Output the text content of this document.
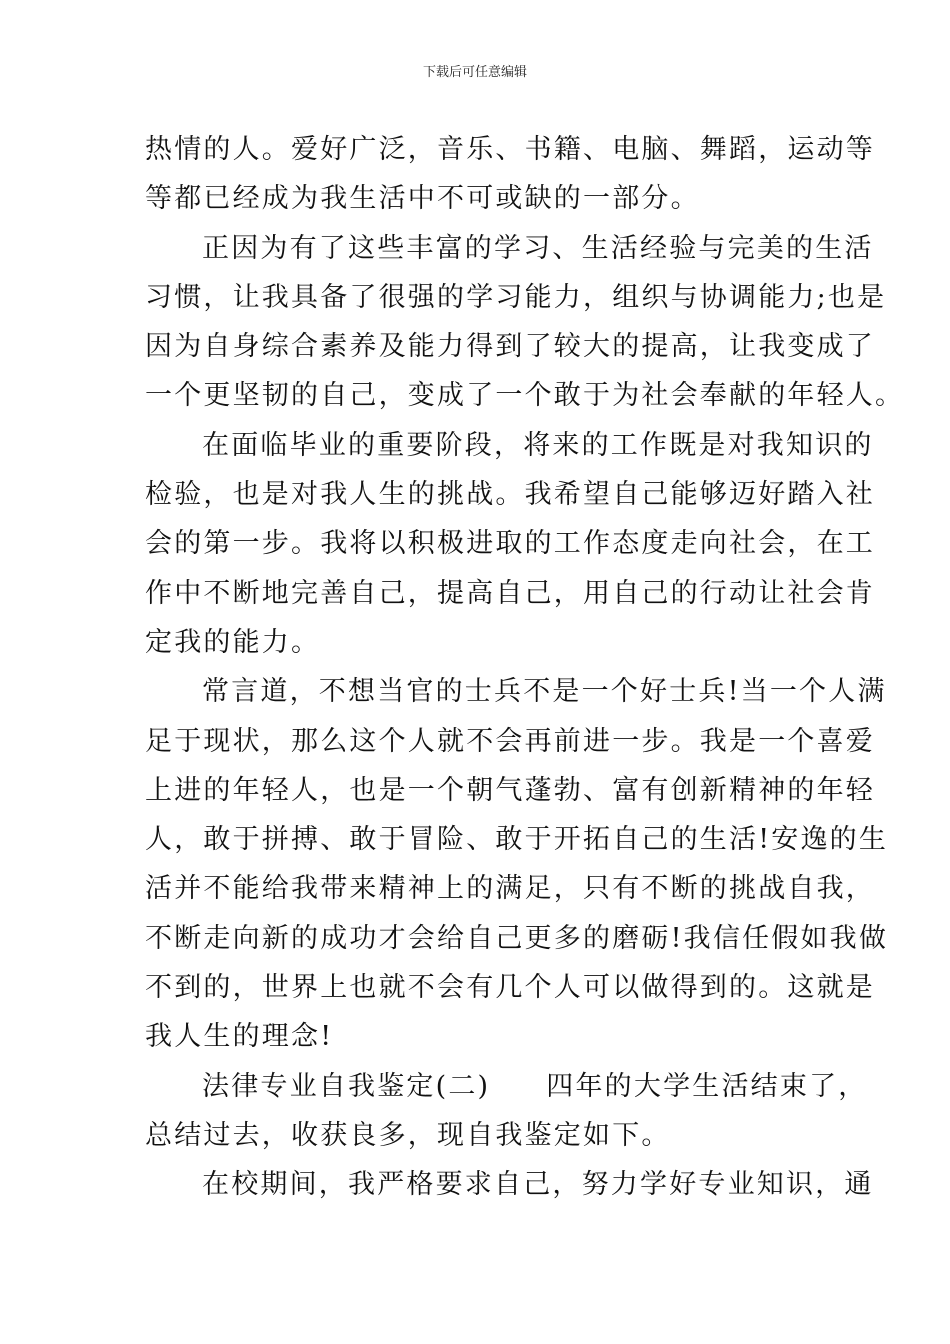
下载后可任意编辑
热情的人。爱好广泛，音乐、书籍、电脑、舞蹈，运动等
等都已经成为我生活中不可或缺的一部分。
正因为有了这些丰富的学习、生活经验与完美的生活
习惯，让我具备了很强的学习能力，组织与协调能力;也是
因为自身综合素养及能力得到了较大的提高，让我变成了
一个更坚韧的自己，变成了一个敢于为社会奉献的年轻人。
在面临毕业的重要阶段，将来的工作既是对我知识的
检验，也是对我人生的挑战。我希望自己能够迈好踏入社
会的第一步。我将以积极进取的工作态度走向社会，在工
作中不断地完善自己，提高自己，用自己的行动让社会肯
定我的能力。
常言道，不想当官的士兵不是一个好士兵!当一个人满
足于现状，那么这个人就不会再前进一步。我是一个喜爱
上进的年轻人，也是一个朝气蓬勃、富有创新精神的年轻
人，敢于拼搏、敢于冒险、敢于开拓自己的生活!安逸的生
活并不能给我带来精神上的满足，只有不断的挑战自我，
不断走向新的成功才会给自己更多的磨砺!我信任假如我做
不到的，世界上也就不会有几个人可以做得到的。这就是
我人生的理念!
法律专业自我鉴定(二) 四年的大学生活结束了，
总结过去，收获良多，现自我鉴定如下。
在校期间，我严格要求自己，努力学好专业知识，通
